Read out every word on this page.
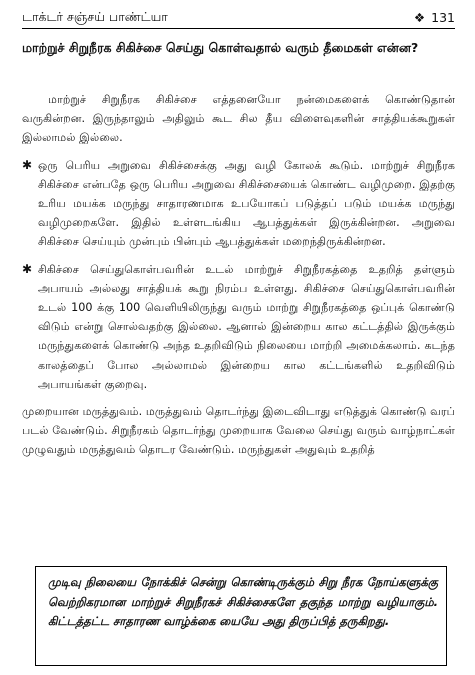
டாக்டர் சஞ்சய் பாண்ட்யா	❖ 131
மாற்றுச் சிறுநீரக சிகிச்சை செய்து கொள்வதால் வரும் தீமைகள் என்ன?

மாற்றுச் சிறுநீரக சிகிச்சை எத்தனையோ நன்மைகளைக் கொண்டுதான் வருகின்றன. இருந்தாலும் அதிலும் கூட சில தீய விளைவுகளின் சாத்தியக்கூறுகள் இல்லாமல் இல்லை.

✱ ஒரு பெரிய அறுவை சிகிச்சைக்கு அது வழி கோலக் கூடும். மாற்றுச் சிறுநீரக சிகிச்சை என்பதே ஒரு பெரிய அறுவை சிகிச்சையைக் கொண்ட வழிமுறை. இதற்கு உரிய மயக்க மருந்து சாதாரணமாக உபயோகப் படுத்தப் படும் மயக்க மருந்து வழிமுறைகளே. இதில் உள்ளடங்கிய ஆபத்துக்கள் இருக்கின்றன. அறுவை சிகிச்சை செய்யும் முன்பும் பின்பும் ஆபத்துக்கள் மறைந்திருக்கின்றன.
✱ சிகிச்சை செய்துகொள்பவரின் உடல் மாற்றுச் சிறுநீரகத்தை உதறித் தள்ளும் அபாயம் அல்லது சாத்தியக் கூறு நிரம்ப உள்ளது. சிகிச்சை செய்துகொள்பவரின் உடல் 100 க்கு 100 வெளியிலிருந்து வரும் மாற்று சிறுநீரகத்தை ஒப்புக் கொண்டு விடும் என்று சொல்வதற்கு இல்லை. ஆனால் இன்றைய கால கட்டத்தில் இருக்கும் மருந்துகளைக் கொண்டு அந்த உதறிவிடும் நிலையை மாற்றி அமைக்கலாம். கடந்த காலத்தைப் போல அல்லாமல் இன்றைய கால கட்டங்களில் உதறிவிடும் அபாயங்கள் குறைவு.

முறையான மருத்துவம். மருத்துவம் தொடர்ந்து இடைவிடாது எடுத்துக் கொண்டு வரப் படல் வேண்டும். சிறுநீரகம் தொடர்ந்து முறையாக வேலை செய்து வரும் வாழ்நாட்கள் முழுவதும் மருத்துவம் தொடர வேண்டும். மருந்துகள் அதுவும் உதறித்

முடிவு நிலையை நோக்கிச் சென்று கொண்டிருக்கும் சிறு நீரக நோய்களுக்கு வெற்றிகரமான மாற்றுச் சிறுநீரகச் சிகிச்சைகளே தகுந்த மாற்று வழியாகும். கிட்டத்தட்ட சாதாரண வாழ்க்கை யையே அது திருப்பித் தருகிறது.
